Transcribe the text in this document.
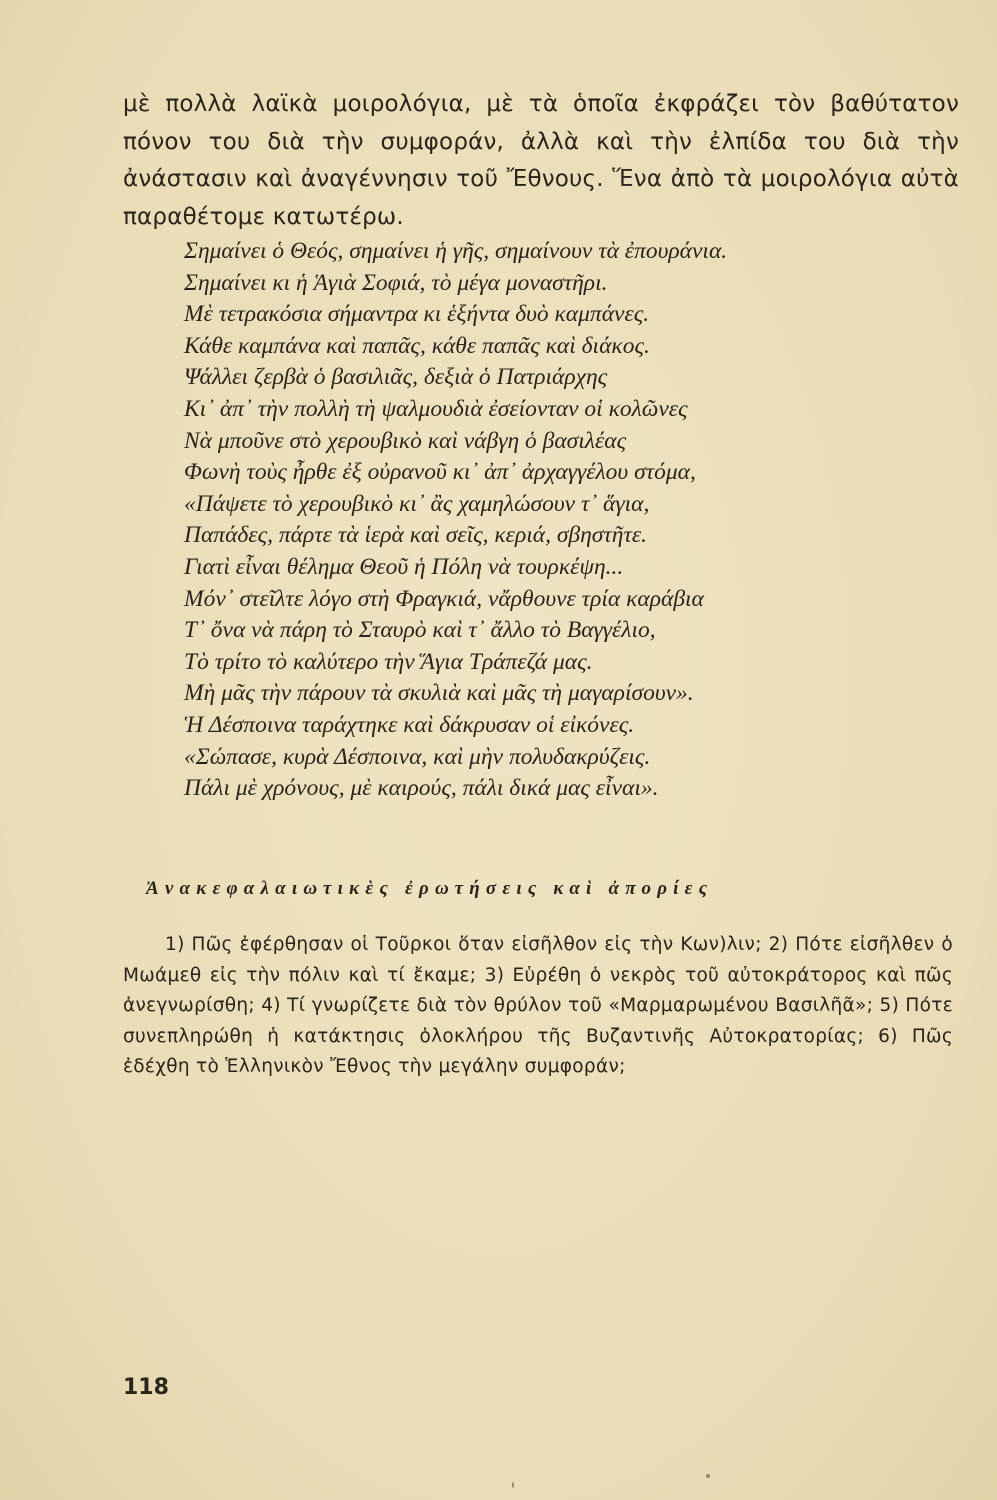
μὲ πολλὰ λαϊκὰ μοιρολόγια, μὲ τὰ ὁποῖα ἐκφράζει τὸν βαθύτατον πόνον του διὰ τὴν συμφοράν, ἀλλὰ καὶ τὴν ἐλπίδα του διὰ τὴν ἀνάστασιν καὶ ἀναγέννησιν τοῦ Ἔθνους. Ἕνα ἀπὸ τὰ μοιρολόγια αὐτὰ παραθέτομε κατωτέρω.

Σημαίνει ὁ Θεός, σημαίνει ἡ γῆς, σημαίνουν τὰ ἐπουράνια.
Σημαίνει κι ἡ Ἁγιὰ Σοφιά, τὸ μέγα μοναστῆρι.
Μὲ τετρακόσια σήμαντρα κι ἑξήντα δυὸ καμπάνες.
Κάθε καμπάνα καὶ παπᾶς, κάθε παπᾶς καὶ διάκος.
Ψάλλει ζερβὰ ὁ βασιλιᾶς, δεξιὰ ὁ Πατριάρχης
Κι᾽ ἀπ᾽ τὴν πολλὴ τὴ ψαλμουδιὰ ἐσείονταν οἱ κολῶνες
Νὰ μποῦνε στὸ χερουβικὸ καὶ νάβγη ὁ βασιλέας
Φωνὴ τοὺς ἦρθε ἐξ οὐρανοῦ κι᾽ ἀπ᾽ ἀρχαγγέλου στόμα,
«Πάψετε τὸ χερουβικὸ κι᾽ ἂς χαμηλώσουν τ᾽ ἅγια,
Παπάδες, πάρτε τὰ ἱερὰ καὶ σεῖς, κεριά, σβηστῆτε.
Γιατὶ εἶναι θέλημα Θεοῦ ἡ Πόλη νὰ τουρκέψη...
Μόν᾽ στεῖλτε λόγο στὴ Φραγκιά, νἄρθουνε τρία καράβια
Τ᾽ ὄνα νὰ πάρη τὸ Σταυρὸ καὶ τ᾽ ἄλλο τὸ Βαγγέλιο,
Τὸ τρίτο τὸ καλύτερο τὴν Ἅγια Τράπεζά μας.
Μὴ μᾶς τὴν πάρουν τὰ σκυλιὰ καὶ μᾶς τὴ μαγαρίσουν».
Ἡ Δέσποινα ταράχτηκε καὶ δάκρυσαν οἱ εἰκόνες.
«Σώπασε, κυρὰ Δέσποινα, καὶ μὴν πολυδακρύζεις.
Πάλι μὲ χρόνους, μὲ καιρούς, πάλι δικά μας εἶναι».
Ἀνακεφαλαιωτικὲς ἐρωτήσεις καὶ ἀπορίες

1) Πῶς ἐφέρθησαν οἱ Τοῦρκοι ὅταν εἰσῆλθον εἰς τὴν Κων)λιν; 2) Πότε εἰσῆλθεν ὁ Μωάμεθ εἰς τὴν πόλιν καὶ τί ἔκαμε; 3) Εὑρέθη ὁ νεκρὸς τοῦ αὐτοκράτορος καὶ πῶς ἀνεγνωρίσθη; 4) Τί γνωρίζετε διὰ τὸν θρύλον τοῦ «Μαρμαρωμένου Βασιλῆᾶ»; 5) Πότε συνεπληρώθη ἡ κατάκτησις ὁλοκλήρου τῆς Βυζαντινῆς Αὐτοκρατορίας; 6) Πῶς ἐδέχθη τὸ Ἑλληνικὸν Ἔθνος τὴν μεγάλην συμφοράν;

118
